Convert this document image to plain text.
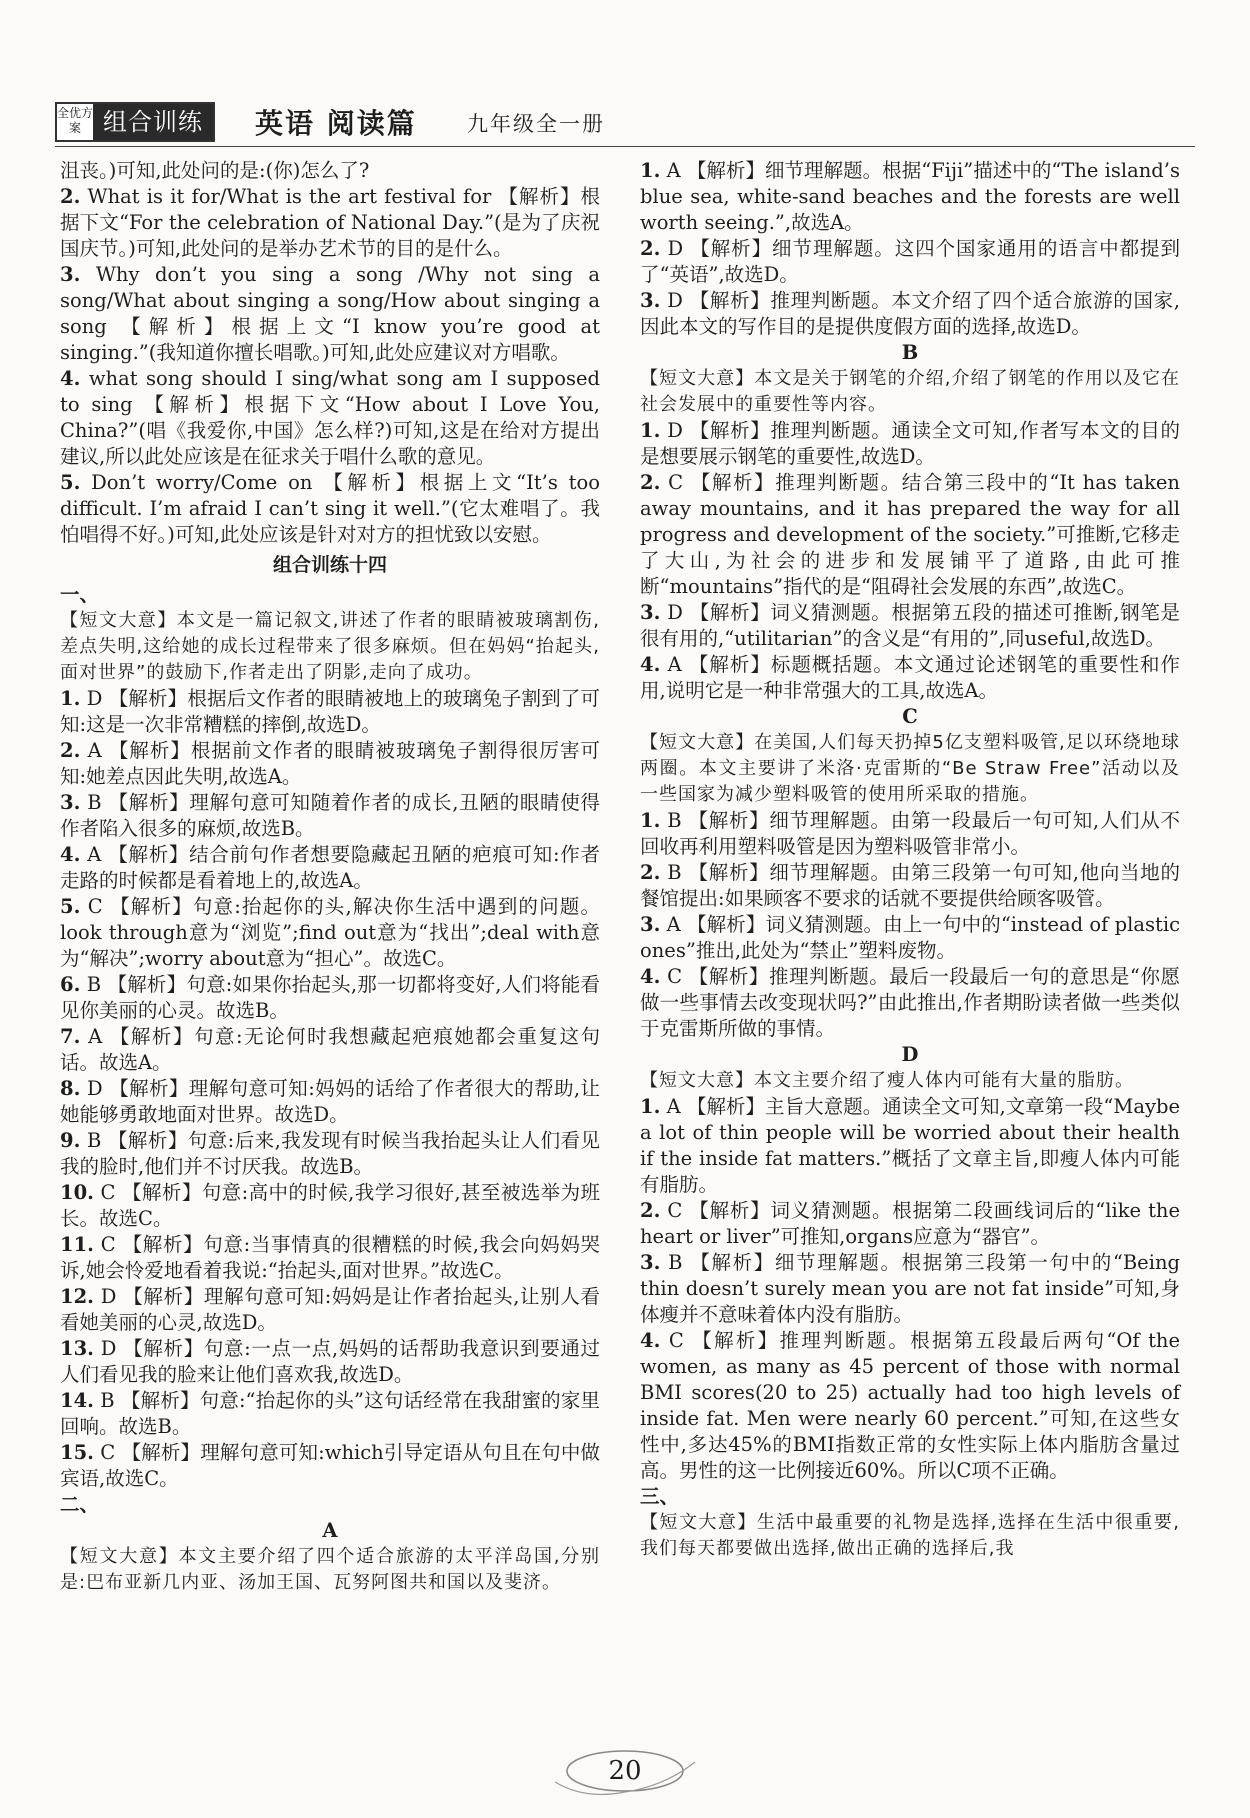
全优方案 组合训练	英语 阅读篇 九年级全一册
沮丧。)可知,此处问的是:(你)怎么了?
2. What is it for/What is the art festival for 【解析】根据下文“For the celebration of National Day.”(是为了庆祝国庆节。)可知,此处问的是举办艺术节的目的是什么。
3. Why don’t you sing a song /Why not sing a song/What about singing a song/How about singing a song 【解析】根据上文“I know you’re good at singing.”(我知道你擅长唱歌。)可知,此处应建议对方唱歌。
4. what song should I sing/what song am I supposed to sing 【解析】根据下文“How about I Love You, China?”(唱《我爱你,中国》怎么样?)可知,这是在给对方提出建议,所以此处应该是在征求关于唱什么歌的意见。
5. Don’t worry/Come on 【解析】根据上文“It’s too difficult. I’m afraid I can’t sing it well.”(它太难唱了。我怕唱得不好。)可知,此处应该是针对对方的担忧致以安慰。
组合训练十四
一、
【短文大意】本文是一篇记叙文,讲述了作者的眼睛被玻璃割伤,差点失明,这给她的成长过程带来了很多麻烦。但在妈妈“抬起头,面对世界”的鼓励下,作者走出了阴影,走向了成功。
1. D 【解析】根据后文作者的眼睛被地上的玻璃兔子割到了可知:这是一次非常糟糕的摔倒,故选D。
2. A 【解析】根据前文作者的眼睛被玻璃兔子割得很厉害可知:她差点因此失明,故选A。
3. B 【解析】理解句意可知随着作者的成长,丑陋的眼睛使得作者陷入很多的麻烦,故选B。
4. A 【解析】结合前句作者想要隐藏起丑陋的疤痕可知:作者走路的时候都是看着地上的,故选A。
5. C 【解析】句意:抬起你的头,解决你生活中遇到的问题。look through意为“浏览”;find out意为“找出”;deal with意为“解决”;worry about意为“担心”。故选C。
6. B 【解析】句意:如果你抬起头,那一切都将变好,人们将能看见你美丽的心灵。故选B。
7. A 【解析】句意:无论何时我想藏起疤痕她都会重复这句话。故选A。
8. D 【解析】理解句意可知:妈妈的话给了作者很大的帮助,让她能够勇敢地面对世界。故选D。
9. B 【解析】句意:后来,我发现有时候当我抬起头让人们看见我的脸时,他们并不讨厌我。故选B。
10. C 【解析】句意:高中的时候,我学习很好,甚至被选举为班长。故选C。
11. C 【解析】句意:当事情真的很糟糕的时候,我会向妈妈哭诉,她会怜爱地看着我说:“抬起头,面对世界。”故选C。
12. D 【解析】理解句意可知:妈妈是让作者抬起头,让别人看看她美丽的心灵,故选D。
13. D 【解析】句意:一点一点,妈妈的话帮助我意识到要通过人们看见我的脸来让他们喜欢我,故选D。
14. B 【解析】句意:“抬起你的头”这句话经常在我甜蜜的家里回响。故选B。
15. C 【解析】理解句意可知:which引导定语从句且在句中做宾语,故选C。
二、
A
【短文大意】本文主要介绍了四个适合旅游的太平洋岛国,分别是:巴布亚新几内亚、汤加王国、瓦努阿图共和国以及斐济。
1. A 【解析】细节理解题。根据“Fiji”描述中的“The island’s blue sea, white-sand beaches and the forests are well worth seeing.”,故选A。
2. D 【解析】细节理解题。这四个国家通用的语言中都提到了“英语”,故选D。
3. D 【解析】推理判断题。本文介绍了四个适合旅游的国家,因此本文的写作目的是提供度假方面的选择,故选D。
B
【短文大意】本文是关于钢笔的介绍,介绍了钢笔的作用以及它在社会发展中的重要性等内容。
1. D 【解析】推理判断题。通读全文可知,作者写本文的目的是想要展示钢笔的重要性,故选D。
2. C 【解析】推理判断题。结合第三段中的“It has taken away mountains, and it has prepared the way for all progress and development of the society.”可推断,它移走了大山,为社会的进步和发展铺平了道路,由此可推断“mountains”指代的是“阻碍社会发展的东西”,故选C。
3. D 【解析】词义猜测题。根据第五段的描述可推断,钢笔是很有用的,“utilitarian”的含义是“有用的”,同useful,故选D。
4. A 【解析】标题概括题。本文通过论述钢笔的重要性和作用,说明它是一种非常强大的工具,故选A。
C
【短文大意】在美国,人们每天扔掉5亿支塑料吸管,足以环绕地球两圈。本文主要讲了米洛·克雷斯的“Be Straw Free”活动以及一些国家为减少塑料吸管的使用所采取的措施。
1. B 【解析】细节理解题。由第一段最后一句可知,人们从不回收再利用塑料吸管是因为塑料吸管非常小。
2. B 【解析】细节理解题。由第三段第一句可知,他向当地的餐馆提出:如果顾客不要求的话就不要提供给顾客吸管。
3. A 【解析】词义猜测题。由上一句中的“instead of plastic ones”推出,此处为“禁止”塑料废物。
4. C 【解析】推理判断题。最后一段最后一句的意思是“你愿做一些事情去改变现状吗?”由此推出,作者期盼读者做一些类似于克雷斯所做的事情。
D
【短文大意】本文主要介绍了瘦人体内可能有大量的脂肪。
1. A 【解析】主旨大意题。通读全文可知,文章第一段“Maybe a lot of thin people will be worried about their health if the inside fat matters.”概括了文章主旨,即瘦人体内可能有脂肪。
2. C 【解析】词义猜测题。根据第二段画线词后的“like the heart or liver”可推知,organs应意为“器官”。
3. B 【解析】细节理解题。根据第三段第一句中的“Being thin doesn’t surely mean you are not fat inside”可知,身体瘦并不意味着体内没有脂肪。
4. C 【解析】推理判断题。根据第五段最后两句“Of the women, as many as 45 percent of those with normal BMI scores(20 to 25) actually had too high levels of inside fat. Men were nearly 60 percent.”可知,在这些女性中,多达45%的BMI指数正常的女性实际上体内脂肪含量过高。男性的这一比例接近60%。所以C项不正确。
三、
【短文大意】生活中最重要的礼物是选择,选择在生活中很重要,我们每天都要做出选择,做出正确的选择后,我
20
